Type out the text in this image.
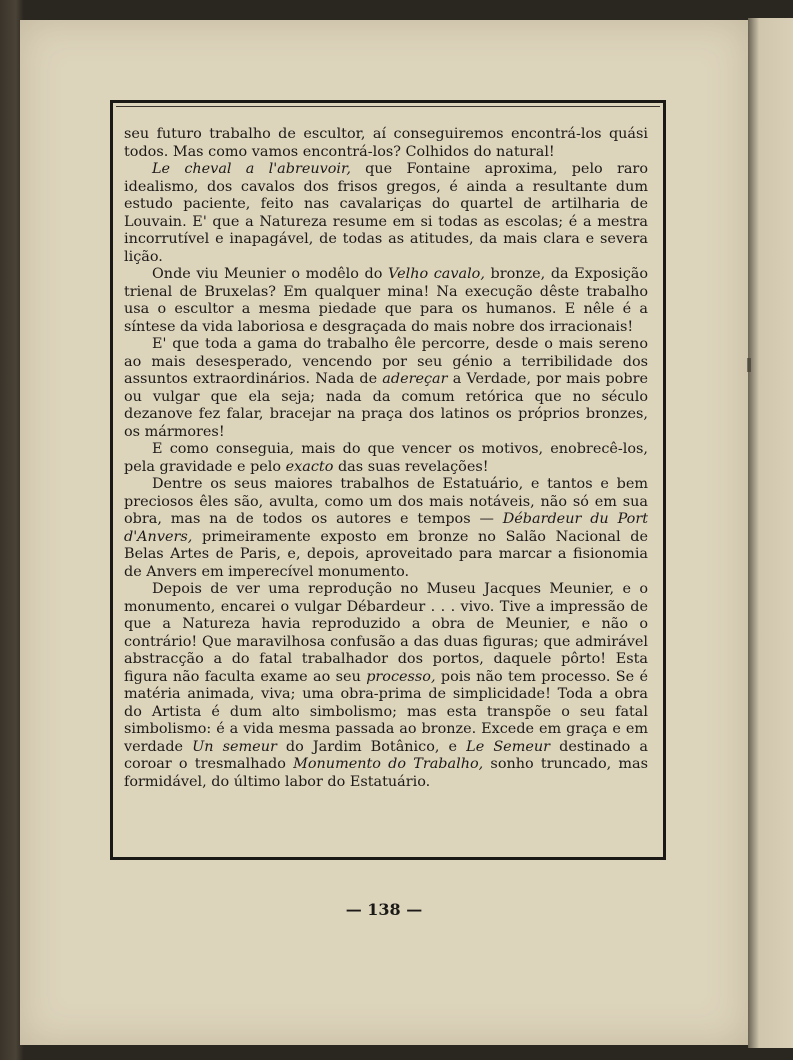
— 138 —

seu futuro trabalho de escultor, aí conseguiremos encontrá-los quási todos. Mas como vamos encontrá-los? Colhidos do natural!

Le cheval a l'abreuvoir, que Fontaine aproxima, pelo raro idealismo, dos cavalos dos frisos gregos, é ainda a resultante dum estudo paciente, feito nas cavalariças do quartel de artilharia de Louvain. E' que a Natureza resume em si todas as escolas; é a mestra incorrutível e inapagável, de todas as atitudes, da mais clara e severa lição.

Onde viu Meunier o modêlo do Velho cavalo, bronze, da Exposição trienal de Bruxelas? Em qualquer mina! Na execução dêste trabalho usa o escultor a mesma piedade que para os humanos. E nêle é a síntese da vida laboriosa e desgraçada do mais nobre dos irracionais!

E' que toda a gama do trabalho êle percorre, desde o mais sereno ao mais desesperado, vencendo por seu génio a terribilidade dos assuntos extraordinários. Nada de adereçar a Verdade, por mais pobre ou vulgar que ela seja; nada da comum retórica que no século dezanove fez falar, bracejar na praça dos latinos os próprios bronzes, os mármores!

E como conseguia, mais do que vencer os motivos, enobrecê-los, pela gravidade e pelo exacto das suas revelações!

Dentre os seus maiores trabalhos de Estatuário, e tantos e bem preciosos êles são, avulta, como um dos mais notáveis, não só em sua obra, mas na de todos os autores e tempos — Débardeur du Port d'Anvers, primeiramente exposto em bronze no Salão Nacional de Belas Artes de Paris, e, depois, aproveitado para marcar a fisionomia de Anvers em imperecível monumento.

Depois de ver uma reprodução no Museu Jacques Meunier, e o monumento, encarei o vulgar Débardeur . . . vivo. Tive a impressão de que a Natureza havia reproduzido a obra de Meunier, e não o contrário! Que maravilhosa confusão a das duas figuras; que admirável abstracção a do fatal trabalhador dos portos, daquele pôrto! Esta figura não faculta exame ao seu processo, pois não tem processo. Se é matéria animada, viva; uma obra-prima de simplicidade! Toda a obra do Artista é dum alto simbolismo; mas esta transpõe o seu fatal simbolismo: é a vida mesma passada ao bronze. Excede em graça e em verdade Un semeur do Jardim Botânico, e Le Semeur destinado a coroar o tresmalhado Monumento do Trabalho, sonho truncado, mas formidável, do último labor do Estatuário.
